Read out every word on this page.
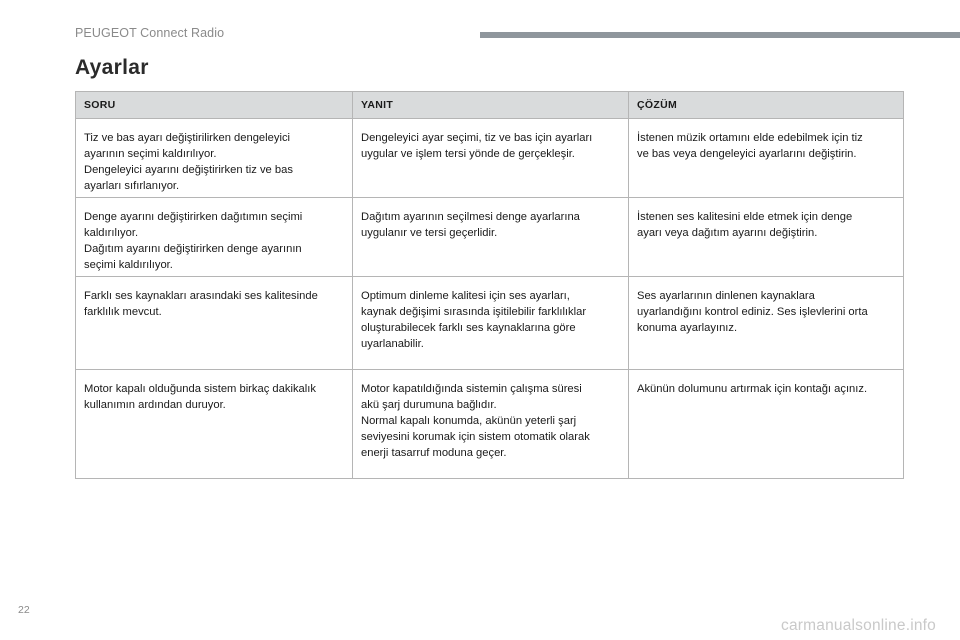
PEUGEOT Connect Radio
Ayarlar
SORU	YANIT	ÇÖZÜM

Tiz ve bas ayarı değiştirilirken dengeleyici
ayarının seçimi kaldırılıyor.
Dengeleyici ayarını değiştirirken tiz ve bas
ayarları sıfırlanıyor.	Dengeleyici ayar seçimi, tiz ve bas için ayarları
uygular ve işlem tersi yönde de gerçekleşir.	İstenen müzik ortamını elde edebilmek için tiz
ve bas veya dengeleyici ayarlarını değiştirin.

Denge ayarını değiştirirken dağıtımın seçimi
kaldırılıyor.
Dağıtım ayarını değiştirirken denge ayarının
seçimi kaldırılıyor.	Dağıtım ayarının seçilmesi denge ayarlarına
uygulanır ve tersi geçerlidir.	İstenen ses kalitesini elde etmek için denge
ayarı veya dağıtım ayarını değiştirin.

Farklı ses kaynakları arasındaki ses kalitesinde
farklılık mevcut.	Optimum dinleme kalitesi için ses ayarları,
kaynak değişimi sırasında işitilebilir farklılıklar
oluşturabilecek farklı ses kaynaklarına göre
uyarlanabilir.	Ses ayarlarının dinlenen kaynaklara
uyarlandığını kontrol ediniz. Ses işlevlerini orta
konuma ayarlayınız.

Motor kapalı olduğunda sistem birkaç dakikalık
kullanımın ardından duruyor.	Motor kapatıldığında sistemin çalışma süresi
akü şarj durumuna bağlıdır.
Normal kapalı konumda, akünün yeterli şarj
seviyesini korumak için sistem otomatik olarak
enerji tasarruf moduna geçer.	Akünün dolumunu artırmak için kontağı açınız.
22
carmanualsonline.info
